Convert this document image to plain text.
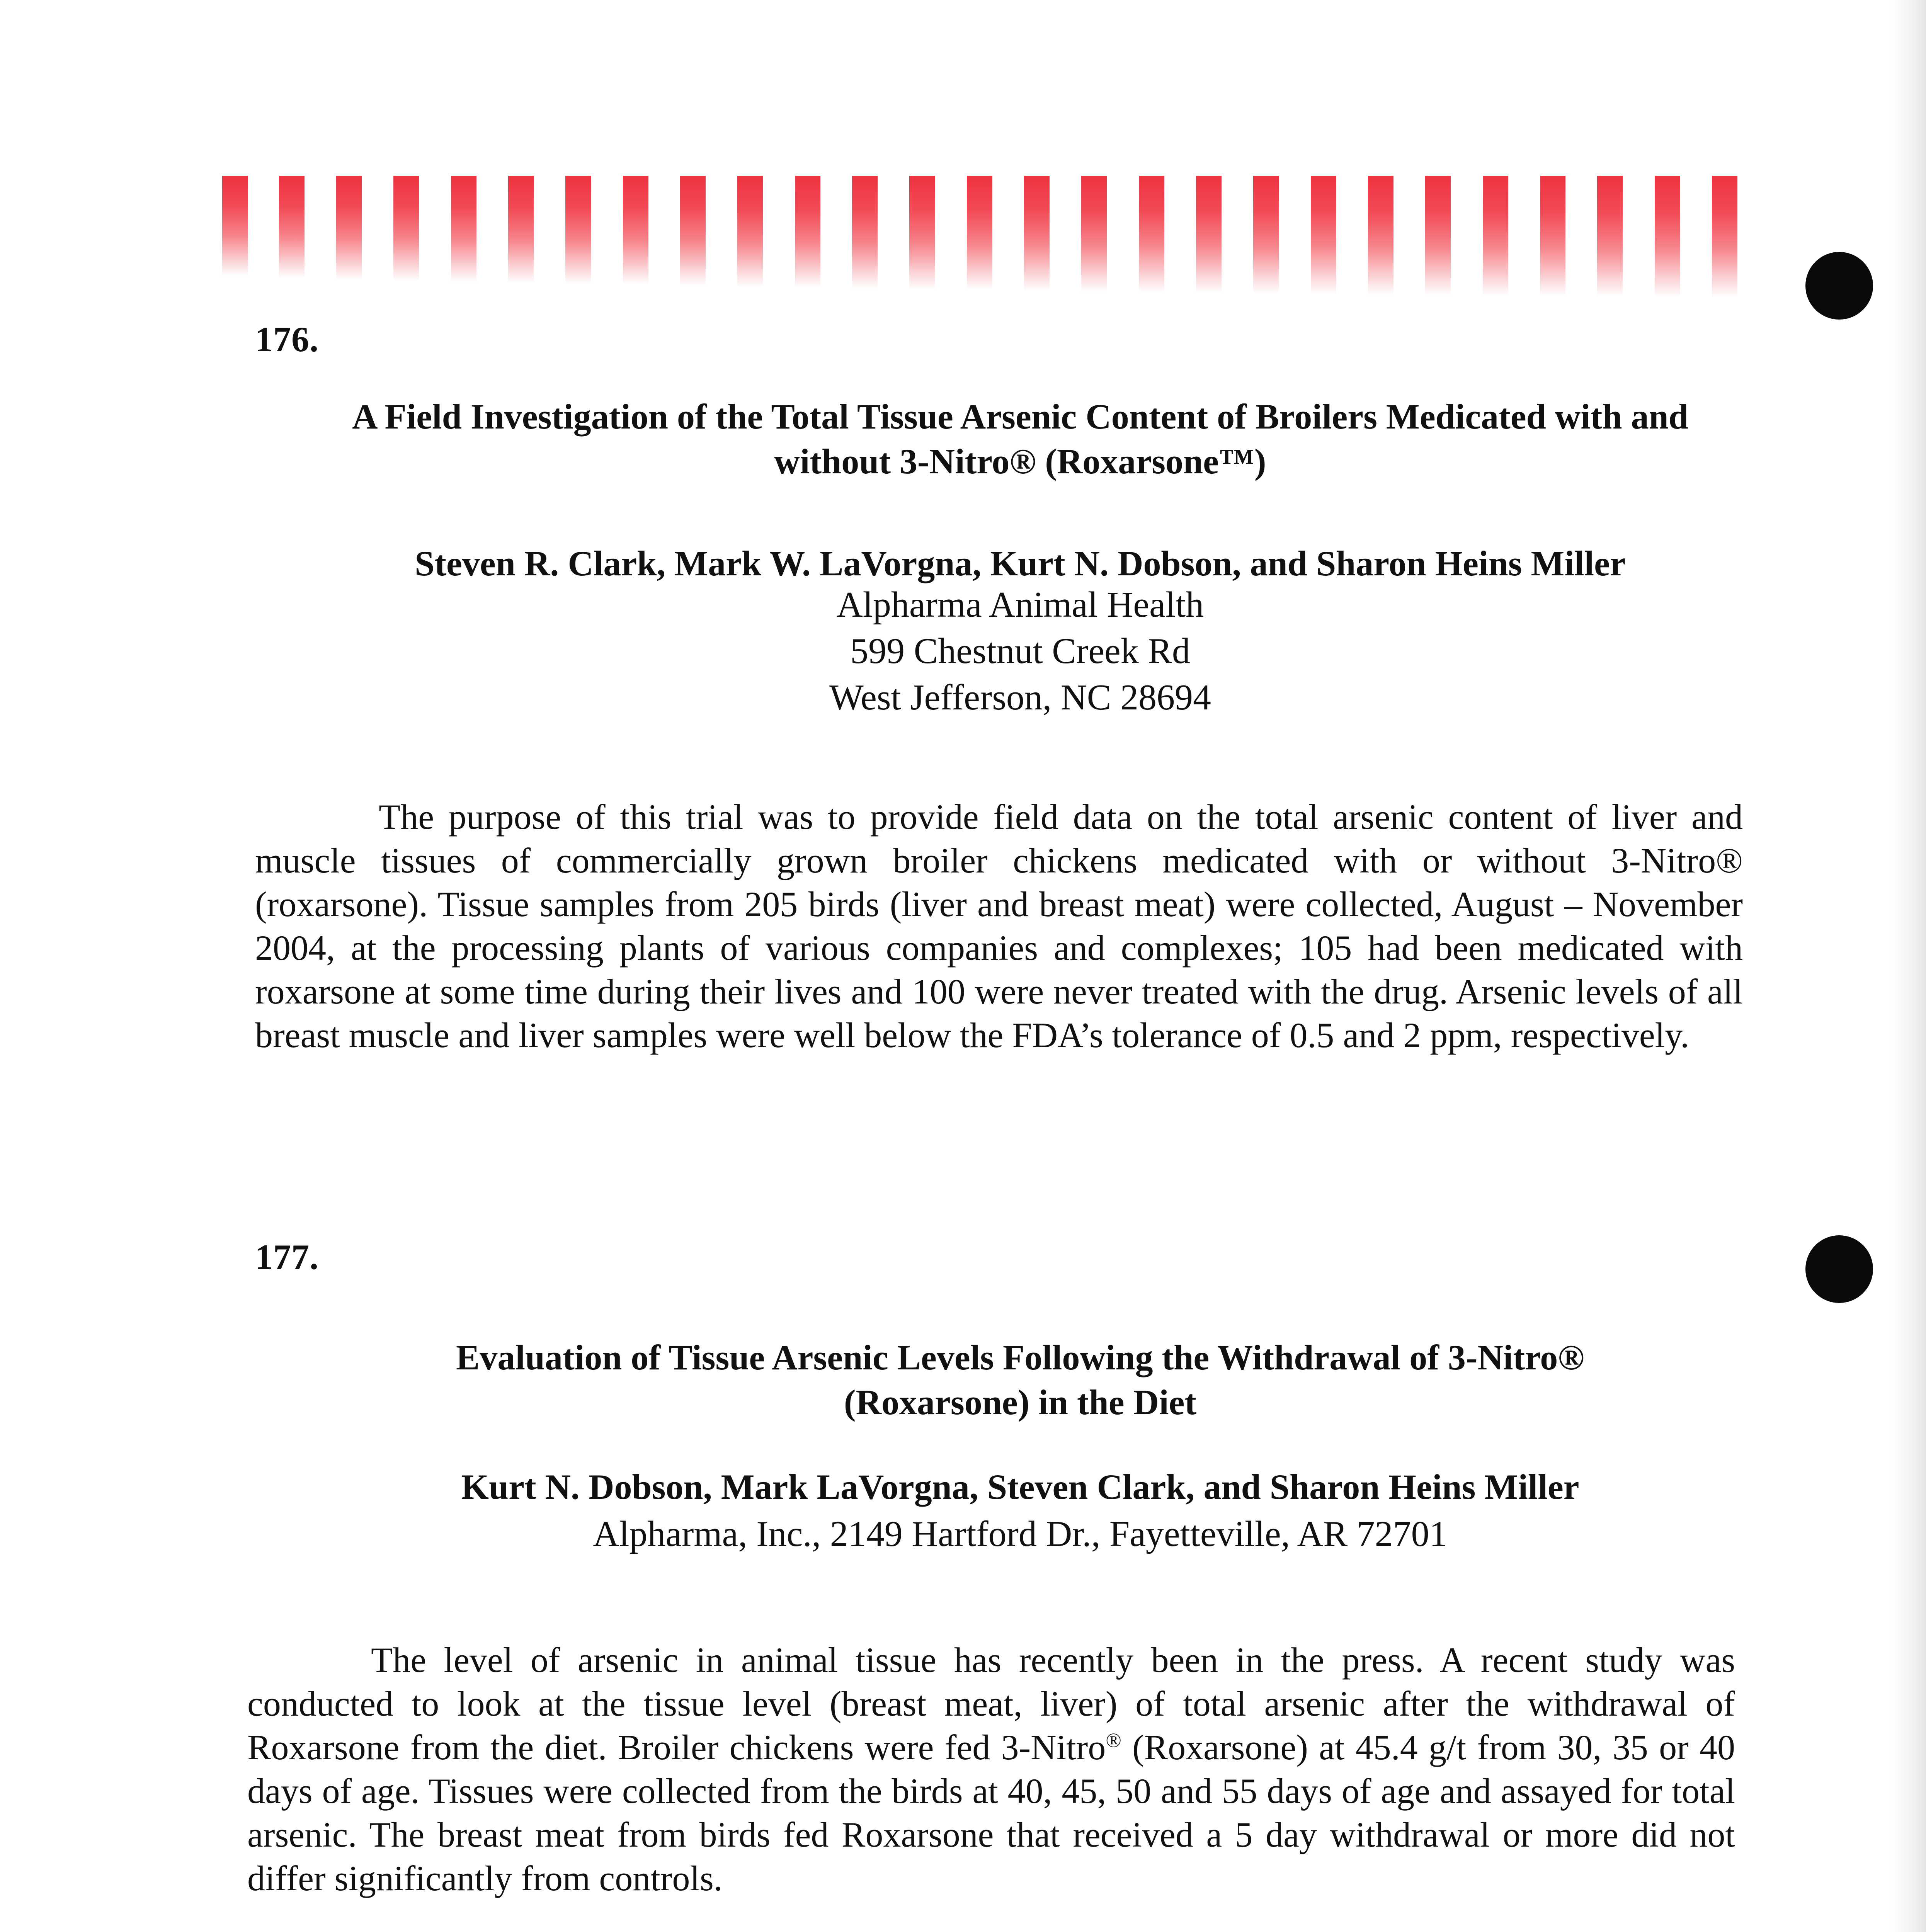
176.
A Field Investigation of the Total Tissue Arsenic Content of Broilers Medicated with and
without 3-Nitro® (Roxarsone™)
Steven R. Clark, Mark W. LaVorgna, Kurt N. Dobson, and Sharon Heins Miller
Alpharma Animal Health
599 Chestnut Creek Rd
West Jefferson, NC 28694

The purpose of this trial was to provide field data on the total arsenic content of liver and muscle tissues of commercially grown broiler chickens medicated with or without 3-Nitro® (roxarsone). Tissue samples from 205 birds (liver and breast meat) were collected, August – November 2004, at the processing plants of various companies and complexes; 105 had been medicated with roxarsone at some time during their lives and 100 were never treated with the drug. Arsenic levels of all breast muscle and liver samples were well below the FDA’s tolerance of 0.5 and 2 ppm, respectively.

177.
Evaluation of Tissue Arsenic Levels Following the Withdrawal of 3-Nitro®
(Roxarsone) in the Diet
Kurt N. Dobson, Mark LaVorgna, Steven Clark, and Sharon Heins Miller
Alpharma, Inc., 2149 Hartford Dr., Fayetteville, AR 72701

The level of arsenic in animal tissue has recently been in the press. A recent study was conducted to look at the tissue level (breast meat, liver) of total arsenic after the withdrawal of Roxarsone from the diet. Broiler chickens were fed 3-Nitro® (Roxarsone) at 45.4 g/t from 30, 35 or 40 days of age. Tissues were collected from the birds at 40, 45, 50 and 55 days of age and assayed for total arsenic. The breast meat from birds fed Roxarsone that received a 5 day withdrawal or more did not differ significantly from controls.
